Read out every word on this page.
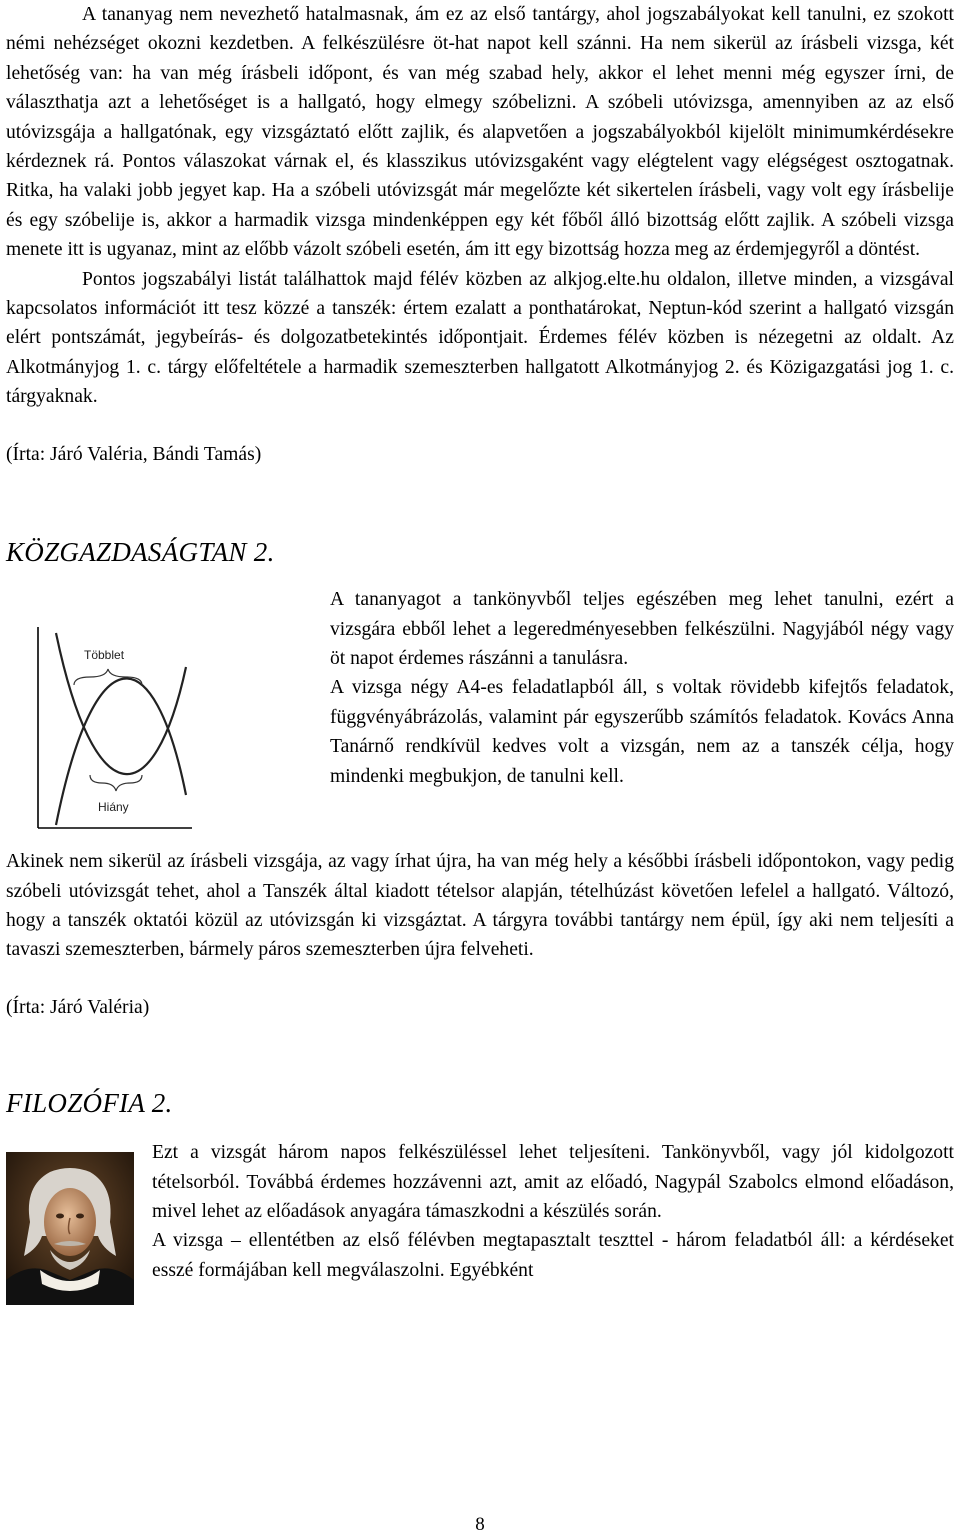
A tananyag nem nevezhető hatalmasnak, ám ez az első tantárgy, ahol jogszabályokat kell tanulni, ez szokott némi nehézséget okozni kezdetben. A felkészülésre öt-hat napot kell szánni. Ha nem sikerül az írásbeli vizsga, két lehetőség van: ha van még írásbeli időpont, és van még szabad hely, akkor el lehet menni még egyszer írni, de választhatja azt a lehetőséget is a hallgató, hogy elmegy szóbelizni. A szóbeli utóvizsga, amennyiben az az első utóvizsgája a hallgatónak, egy vizsgáztató előtt zajlik, és alapvetően a jogszabályokból kijelölt minimumkérdésekre kérdeznek rá. Pontos válaszokat várnak el, és klasszikus utóvizsgaként vagy elégtelent vagy elégségest osztogatnak. Ritka, ha valaki jobb jegyet kap. Ha a szóbeli utóvizsgát már megelőzte két sikertelen írásbeli, vagy volt egy írásbelije és egy szóbelije is, akkor a harmadik vizsga mindenképpen egy két főből álló bizottság előtt zajlik. A szóbeli vizsga menete itt is ugyanaz, mint az előbb vázolt szóbeli esetén, ám itt egy bizottság hozza meg az érdemjegyről a döntést.

Pontos jogszabályi listát találhattok majd félév közben az alkjog.elte.hu oldalon, illetve minden, a vizsgával kapcsolatos információt itt tesz közzé a tanszék: értem ezalatt a ponthatárokat, Neptun-kód szerint a hallgató vizsgán elért pontszámát, jegybeírás- és dolgozatbetekintés időpontjait. Érdemes félév közben is nézegetni az oldalt. Az Alkotmányjog 1. c. tárgy előfeltétele a harmadik szemeszterben hallgatott Alkotmányjog 2. és Közigazgatási jog 1. c. tárgyaknak.

(Írta: Járó Valéria, Bándi Tamás)

KÖZGAZDASÁGTAN 2.
Többlet
Hiány

A tananyagot a tankönyvből teljes egészében meg lehet tanulni, ezért a vizsgára ebből lehet a legeredményesebben felkészülni. Nagyjából négy vagy öt napot érdemes rászánni a tanulásra.

A vizsga négy A4-es feladatlapból áll, s voltak rövidebb kifejtős feladatok, függvényábrázolás, valamint pár egyszerűbb számítós feladatok. Kovács Anna Tanárnő rendkívül kedves volt a vizsgán, nem az a tanszék célja, hogy mindenki megbukjon, de tanulni kell.

Akinek nem sikerül az írásbeli vizsgája, az vagy írhat újra, ha van még hely a későbbi írásbeli időpontokon, vagy pedig szóbeli utóvizsgát tehet, ahol a Tanszék által kiadott tételsor alapján, tételhúzást követően lefelel a hallgató. Változó, hogy a tanszék oktatói közül az utóvizsgán ki vizsgáztat. A tárgyra további tantárgy nem épül, így aki nem teljesíti a tavaszi szemeszterben, bármely páros szemeszterben újra felveheti.

(Írta: Járó Valéria)

FILOZÓFIA 2.

Ezt a vizsgát három napos felkészüléssel lehet teljesíteni. Tankönyvből, vagy jól kidolgozott tételsorból. Továbbá érdemes hozzávenni azt, amit az előadó, Nagypál Szabolcs elmond előadáson, mivel lehet az előadások anyagára támaszkodni a készülés során.

A vizsga – ellentétben az első félévben megtapasztalt teszttel - három feladatból áll: a kérdéseket esszé formájában kell megválaszolni. Egyébként

8
